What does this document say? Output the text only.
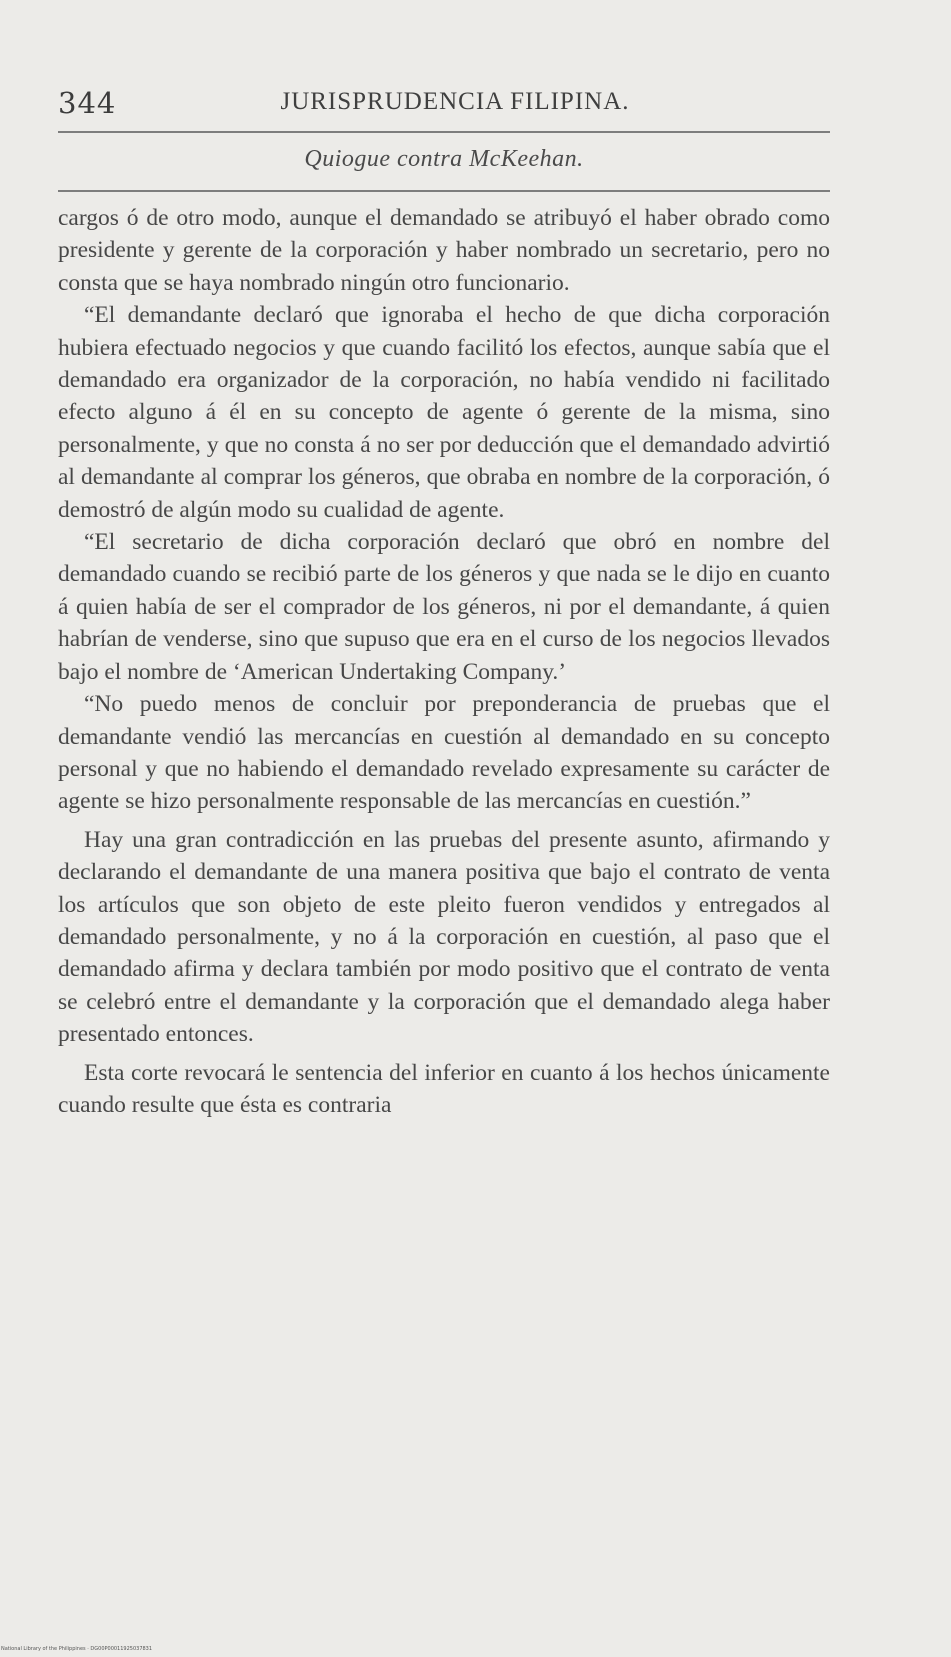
344	JURISPRUDENCIA FILIPINA.
Quiogue contra McKeehan.

cargos ó de otro modo, aunque el demandado se atribuyó el haber obrado como presidente y gerente de la corporación y haber nombrado un secretario, pero no consta que se haya nombrado ningún otro funcionario.

“El demandante declaró que ignoraba el hecho de que dicha corporación hubiera efectuado negocios y que cuando facilitó los efectos, aunque sabía que el demandado era organizador de la corporación, no había vendido ni facilitado efecto alguno á él en su concepto de agente ó gerente de la misma, sino personalmente, y que no consta á no ser por deducción que el demandado advirtió al demandante al comprar los géneros, que obraba en nombre de la corporación, ó demostró de algún modo su cualidad de agente.

“El secretario de dicha corporación declaró que obró en nombre del demandado cuando se recibió parte de los géneros y que nada se le dijo en cuanto á quien había de ser el comprador de los géneros, ni por el demandante, á quien habrían de venderse, sino que supuso que era en el curso de los negocios llevados bajo el nombre de ‘American Undertaking Company.’

“No puedo menos de concluir por preponderancia de pruebas que el demandante vendió las mercancías en cuestión al demandado en su concepto personal y que no habiendo el demandado revelado expresamente su carácter de agente se hizo personalmente responsable de las mercancías en cuestión.”

Hay una gran contradicción en las pruebas del presente asunto, afirmando y declarando el demandante de una manera positiva que bajo el contrato de venta los artículos que son objeto de este pleito fueron vendidos y entregados al demandado personalmente, y no á la corporación en cuestión, al paso que el demandado afirma y declara también por modo positivo que el contrato de venta se celebró entre el demandante y la corporación que el demandado alega haber presentado entonces.

Esta corte revocará le sentencia del inferior en cuanto á los hechos únicamente cuando resulte que ésta es contraria

National Library of the Philippines · DG00P00011925037831
